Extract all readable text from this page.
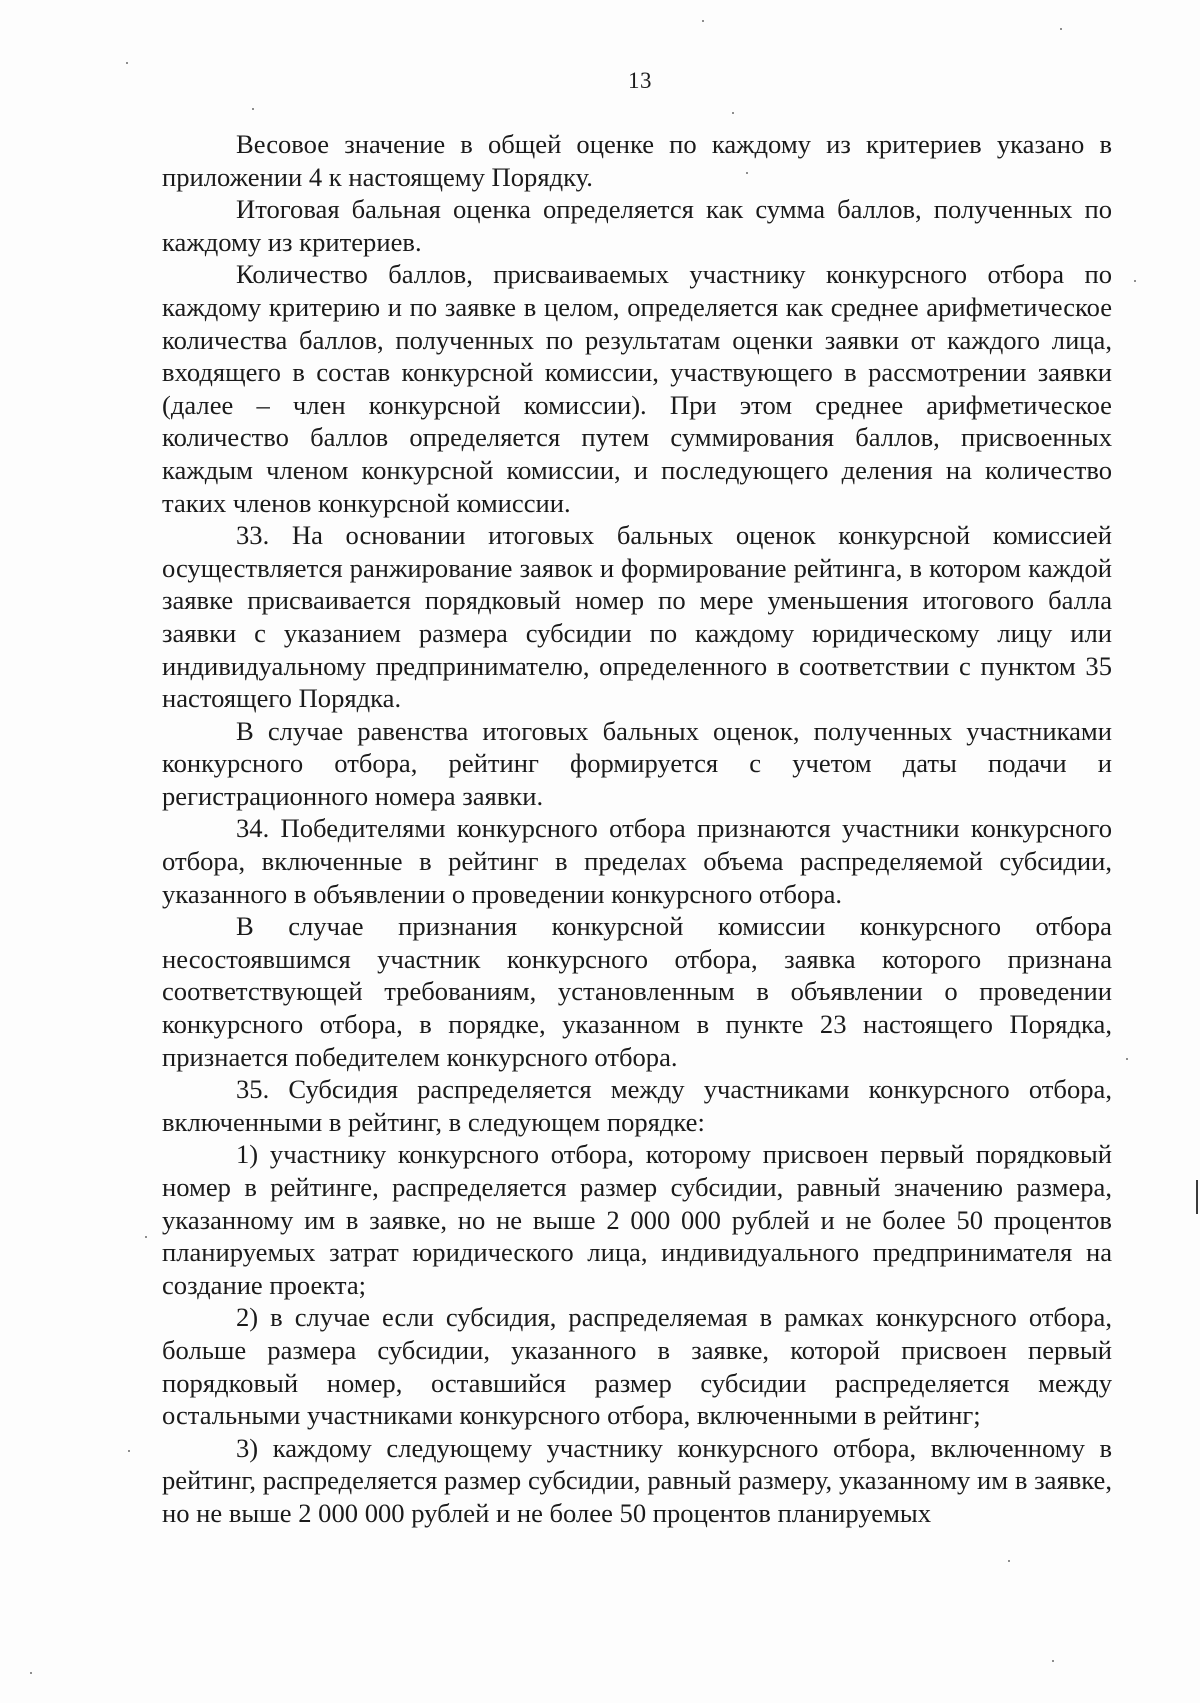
13

Весовое значение в общей оценке по каждому из критериев указано в приложении 4 к настоящему Порядку.

Итоговая бальная оценка определяется как сумма баллов, полученных по каждому из критериев.

Количество баллов, присваиваемых участнику конкурсного отбора по каждому критерию и по заявке в целом, определяется как среднее арифметическое количества баллов, полученных по результатам оценки заявки от каждого лица, входящего в состав конкурсной комиссии, участвующего в рассмотрении заявки (далее – член конкурсной комиссии). При этом среднее арифметическое количество баллов определяется путем суммирования баллов, присвоенных каждым членом конкурсной комиссии, и последующего деления на количество таких членов конкурсной комиссии.

33. На основании итоговых бальных оценок конкурсной комиссией осуществляется ранжирование заявок и формирование рейтинга, в котором каждой заявке присваивается порядковый номер по мере уменьшения итогового балла заявки с указанием размера субсидии по каждому юридическому лицу или индивидуальному предпринимателю, определенного в соответствии с пунктом 35 настоящего Порядка.

В случае равенства итоговых бальных оценок, полученных участниками конкурсного отбора, рейтинг формируется с учетом даты подачи и регистрационного номера заявки.

34. Победителями конкурсного отбора признаются участники конкурсного отбора, включенные в рейтинг в пределах объема распределяемой субсидии, указанного в объявлении о проведении конкурсного отбора.

В случае признания конкурсной комиссии конкурсного отбора несостоявшимся участник конкурсного отбора, заявка которого признана соответствующей требованиям, установленным в объявлении о проведении конкурсного отбора, в порядке, указанном в пункте 23 настоящего Порядка, признается победителем конкурсного отбора.

35. Субсидия распределяется между участниками конкурсного отбора, включенными в рейтинг, в следующем порядке:

1) участнику конкурсного отбора, которому присвоен первый порядковый номер в рейтинге, распределяется размер субсидии, равный значению размера, указанному им в заявке, но не выше 2 000 000 рублей и не более 50 процентов планируемых затрат юридического лица, индивидуального предпринимателя на создание проекта;

2) в случае если субсидия, распределяемая в рамках конкурсного отбора, больше размера субсидии, указанного в заявке, которой присвоен первый порядковый номер, оставшийся размер субсидии распределяется между остальными участниками конкурсного отбора, включенными в рейтинг;

3) каждому следующему участнику конкурсного отбора, включенному в рейтинг, распределяется размер субсидии, равный размеру, указанному им в заявке, но не выше 2 000 000 рублей и не более 50 процентов планируемых
